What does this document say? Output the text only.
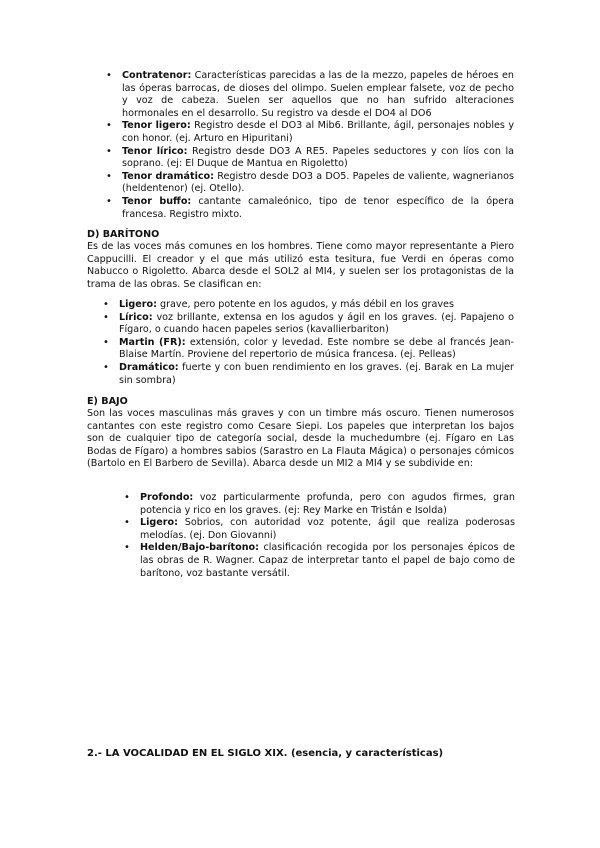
• Contratenor: Características parecidas a las de la mezzo, papeles de héroes en las óperas barrocas, de dioses del olimpo. Suelen emplear falsete, voz de pecho y voz de cabeza. Suelen ser aquellos que no han sufrido alteraciones hormonales en el desarrollo. Su registro va desde el DO4 al DO6
• Tenor ligero: Registro desde el DO3 al Mib6. Brillante, ágil, personajes nobles y con honor. (ej. Arturo en Hipuritani)
• Tenor lírico: Registro desde DO3 A RE5. Papeles seductores y con líos con la soprano. (ej: El Duque de Mantua en Rigoletto)
• Tenor dramático: Registro desde DO3 a DO5. Papeles de valiente, wagnerianos (heldentenor) (ej. Otello).
• Tenor buffo: cantante camaleónico, tipo de tenor específico de la ópera francesa. Registro mixto.
D) BARÍTONO
Es de las voces más comunes en los hombres. Tiene como mayor representante a Piero Cappucilli. El creador y el que más utilizó esta tesitura, fue Verdi en óperas como Nabucco o Rigoletto. Abarca desde el SOL2 al MI4, y suelen ser los protagonistas de la trama de las obras. Se clasifican en:
• Ligero: grave, pero potente en los agudos, y más débil en los graves
• Lírico: voz brillante, extensa en los agudos y ágil en los graves. (ej. Papajeno o Fígaro, o cuando hacen papeles serios (kavallierbariton)
• Martin (FR): extensión, color y levedad. Este nombre se debe al francés Jean-Blaise Martín. Proviene del repertorio de música francesa. (ej. Pelleas)
• Dramático: fuerte y con buen rendimiento en los graves. (ej. Barak en La mujer sin sombra)
E) BAJO
Son las voces masculinas más graves y con un timbre más oscuro. Tienen numerosos cantantes con este registro como Cesare Siepi. Los papeles que interpretan los bajos son de cualquier tipo de categoría social, desde la muchedumbre (ej. Fígaro en Las Bodas de Fígaro) a hombres sabios (Sarastro en La Flauta Mágica) o personajes cómicos (Bartolo en El Barbero de Sevilla). Abarca desde un MI2 a MI4 y se subdivide en:
• Profondo: voz particularmente profunda, pero con agudos firmes, gran potencia y rico en los graves. (ej: Rey Marke en Tristán e Isolda)
• Ligero: Sobrios, con autoridad voz potente, ágil que realiza poderosas melodías. (ej. Don Giovanni)
• Helden/Bajo-barítono: clasificación recogida por los personajes épicos de las obras de R. Wagner. Capaz de interpretar tanto el papel de bajo como de barítono, voz bastante versátil.
2.- LA VOCALIDAD EN EL SIGLO XIX. (esencia, y características)
